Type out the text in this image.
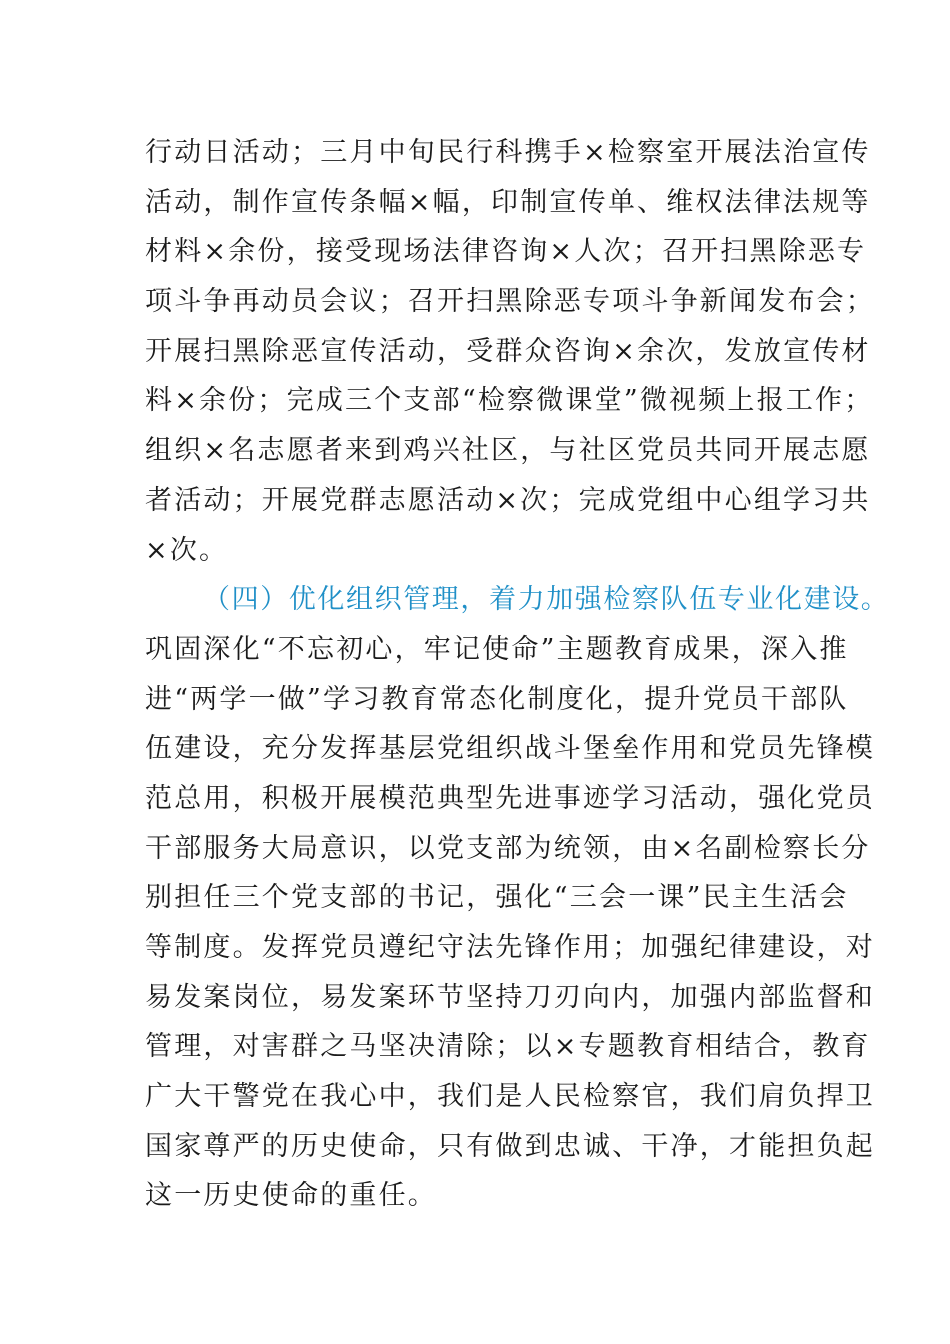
行动日活动；三月中旬民行科携手×检察室开展法治宣传
活动，制作宣传条幅×幅，印制宣传单、维权法律法规等
材料×余份，接受现场法律咨询×人次；召开扫黑除恶专
项斗争再动员会议；召开扫黑除恶专项斗争新闻发布会；
开展扫黑除恶宣传活动，受群众咨询×余次，发放宣传材
料×余份；完成三个支部“检察微课堂”微视频上报工作；
组织×名志愿者来到鸡兴社区，与社区党员共同开展志愿
者活动；开展党群志愿活动×次；完成党组中心组学习共
×次。
（四）优化组织管理，着力加强检察队伍专业化建设。
巩固深化“不忘初心，牢记使命”主题教育成果，深入推
进“两学一做”学习教育常态化制度化，提升党员干部队
伍建设，充分发挥基层党组织战斗堡垒作用和党员先锋模
范总用，积极开展模范典型先进事迹学习活动，强化党员
干部服务大局意识，以党支部为统领，由×名副检察长分
别担任三个党支部的书记，强化“三会一课”民主生活会
等制度。发挥党员遵纪守法先锋作用；加强纪律建设，对
易发案岗位，易发案环节坚持刀刃向内，加强内部监督和
管理，对害群之马坚决清除；以×专题教育相结合，教育
广大干警党在我心中，我们是人民检察官，我们肩负捍卫
国家尊严的历史使命，只有做到忠诚、干净，才能担负起
这一历史使命的重任。
